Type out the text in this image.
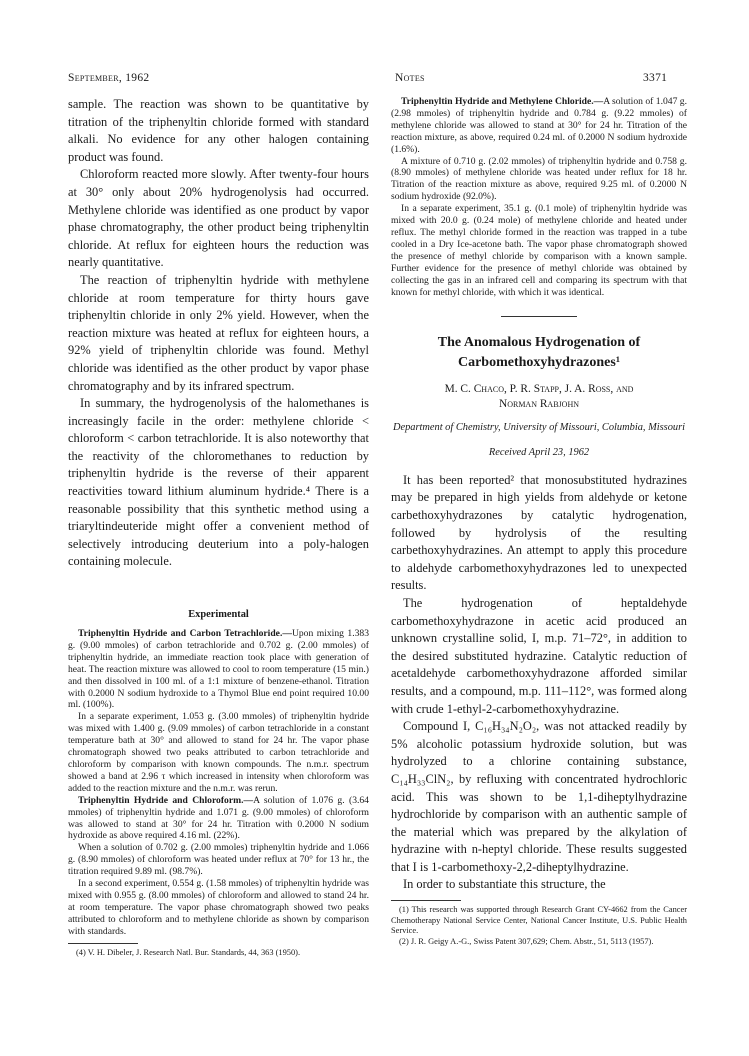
September, 1962	Notes	3371

sample. The reaction was shown to be quantitative by titration of the triphenyltin chloride formed with standard alkali. No evidence for any other halogen containing product was found.

Chloroform reacted more slowly. After twenty-four hours at 30° only about 20% hydrogenolysis had occurred. Methylene chloride was identified as one product by vapor phase chromatography, the other product being triphenyltin chloride. At reflux for eighteen hours the reduction was nearly quantitative.

The reaction of triphenyltin hydride with methylene chloride at room temperature for thirty hours gave triphenyltin chloride in only 2% yield. However, when the reaction mixture was heated at reflux for eighteen hours, a 92% yield of triphenyltin chloride was found. Methyl chloride was identified as the other product by vapor phase chromatography and by its infrared spectrum.

In summary, the hydrogenolysis of the halomethanes is increasingly facile in the order: methylene chloride < chloroform < carbon tetrachloride. It is also noteworthy that the reactivity of the chloromethanes to reduction by triphenyltin hydride is the reverse of their apparent reactivities toward lithium aluminum hydride.⁴ There is a reasonable possibility that this synthetic method using a triaryltindeuteride might offer a convenient method of selectively introducing deuterium into a poly-halogen containing molecule.

Experimental

Triphenyltin Hydride and Carbon Tetrachloride.—Upon mixing 1.383 g. (9.00 mmoles) of carbon tetrachloride and 0.702 g. (2.00 mmoles) of triphenyltin hydride, an immediate reaction took place with generation of heat. The reaction mixture was allowed to cool to room temperature (15 min.) and then dissolved in 100 ml. of a 1:1 mixture of benzene-ethanol. Titration with 0.2000 N sodium hydroxide to a Thymol Blue end point required 10.00 ml. (100%).

In a separate experiment, 1.053 g. (3.00 mmoles) of triphenyltin hydride was mixed with 1.400 g. (9.09 mmoles) of carbon tetrachloride in a constant temperature bath at 30° and allowed to stand for 24 hr. The vapor phase chromatograph showed two peaks attributed to carbon tetrachloride and chloroform by comparison with known compounds. The n.m.r. spectrum showed a band at 2.96 τ which increased in intensity when chloroform was added to the reaction mixture and the n.m.r. was rerun.

Triphenyltin Hydride and Chloroform.—A solution of 1.076 g. (3.64 mmoles) of triphenyltin hydride and 1.071 g. (9.00 mmoles) of chloroform was allowed to stand at 30° for 24 hr. Titration with 0.2000 N sodium hydroxide as above required 4.16 ml. (22%).

When a solution of 0.702 g. (2.00 mmoles) triphenyltin hydride and 1.066 g. (8.90 mmoles) of chloroform was heated under reflux at 70° for 13 hr., the titration required 9.89 ml. (98.7%).

In a second experiment, 0.554 g. (1.58 mmoles) of triphenyltin hydride was mixed with 0.955 g. (8.00 mmoles) of chloroform and allowed to stand 24 hr. at room temperature. The vapor phase chromatograph showed two peaks attributed to chloroform and to methylene chloride as shown by comparison with standards.

(4) V. H. Dibeler, J. Research Natl. Bur. Standards, 44, 363 (1950).

Triphenyltin Hydride and Methylene Chloride.—A solution of 1.047 g. (2.98 mmoles) of triphenyltin hydride and 0.784 g. (9.22 mmoles) of methylene chloride was allowed to stand at 30° for 24 hr. Titration of the reaction mixture, as above, required 0.24 ml. of 0.2000 N sodium hydroxide (1.6%).

A mixture of 0.710 g. (2.02 mmoles) of triphenyltin hydride and 0.758 g. (8.90 mmoles) of methylene chloride was heated under reflux for 18 hr. Titration of the reaction mixture as above, required 9.25 ml. of 0.2000 N sodium hydroxide (92.0%).

In a separate experiment, 35.1 g. (0.1 mole) of triphenyltin hydride was mixed with 20.0 g. (0.24 mole) of methylene chloride and heated under reflux. The methyl chloride formed in the reaction was trapped in a tube cooled in a Dry Ice-acetone bath. The vapor phase chromatograph showed the presence of methyl chloride by comparison with a known sample. Further evidence for the presence of methyl chloride was obtained by collecting the gas in an infrared cell and comparing its spectrum with that known for methyl chloride, with which it was identical.

The Anomalous Hydrogenation of
Carbomethoxyhydrazones¹
M. C. Chaco, P. R. Stapp, J. A. Ross, and
Norman Rabjohn
Department of Chemistry, University of Missouri, Columbia, Missouri
Received April 23, 1962

It has been reported² that monosubstituted hydrazines may be prepared in high yields from aldehyde or ketone carbethoxyhydrazones by catalytic hydrogenation, followed by hydrolysis of the resulting carbethoxyhydrazines. An attempt to apply this procedure to aldehyde carbomethoxyhydrazones led to unexpected results.

The hydrogenation of heptaldehyde carbomethoxyhydrazone in acetic acid produced an unknown crystalline solid, I, m.p. 71–72°, in addition to the desired substituted hydrazine. Catalytic reduction of acetaldehyde carbomethoxyhydrazone afforded similar results, and a compound, m.p. 111–112°, was formed along with crude 1-ethyl-2-carbomethoxyhydrazine.

Compound I, C₁₆H₃₄N₂O₂, was not attacked readily by 5% alcoholic potassium hydroxide solution, but was hydrolyzed to a chlorine containing substance, C₁₄H₃₃ClN₂, by refluxing with concentrated hydrochloric acid. This was shown to be 1,1-diheptylhydrazine hydrochloride by comparison with an authentic sample of the material which was prepared by the alkylation of hydrazine with n-heptyl chloride. These results suggested that I is 1-carbomethoxy-2,2-diheptylhydrazine.

In order to substantiate this structure, the

(1) This research was supported through Research Grant CY-4662 from the Cancer Chemotherapy National Service Center, National Cancer Institute, U.S. Public Health Service.

(2) J. R. Geigy A.-G., Swiss Patent 307,629; Chem. Abstr., 51, 5113 (1957).
